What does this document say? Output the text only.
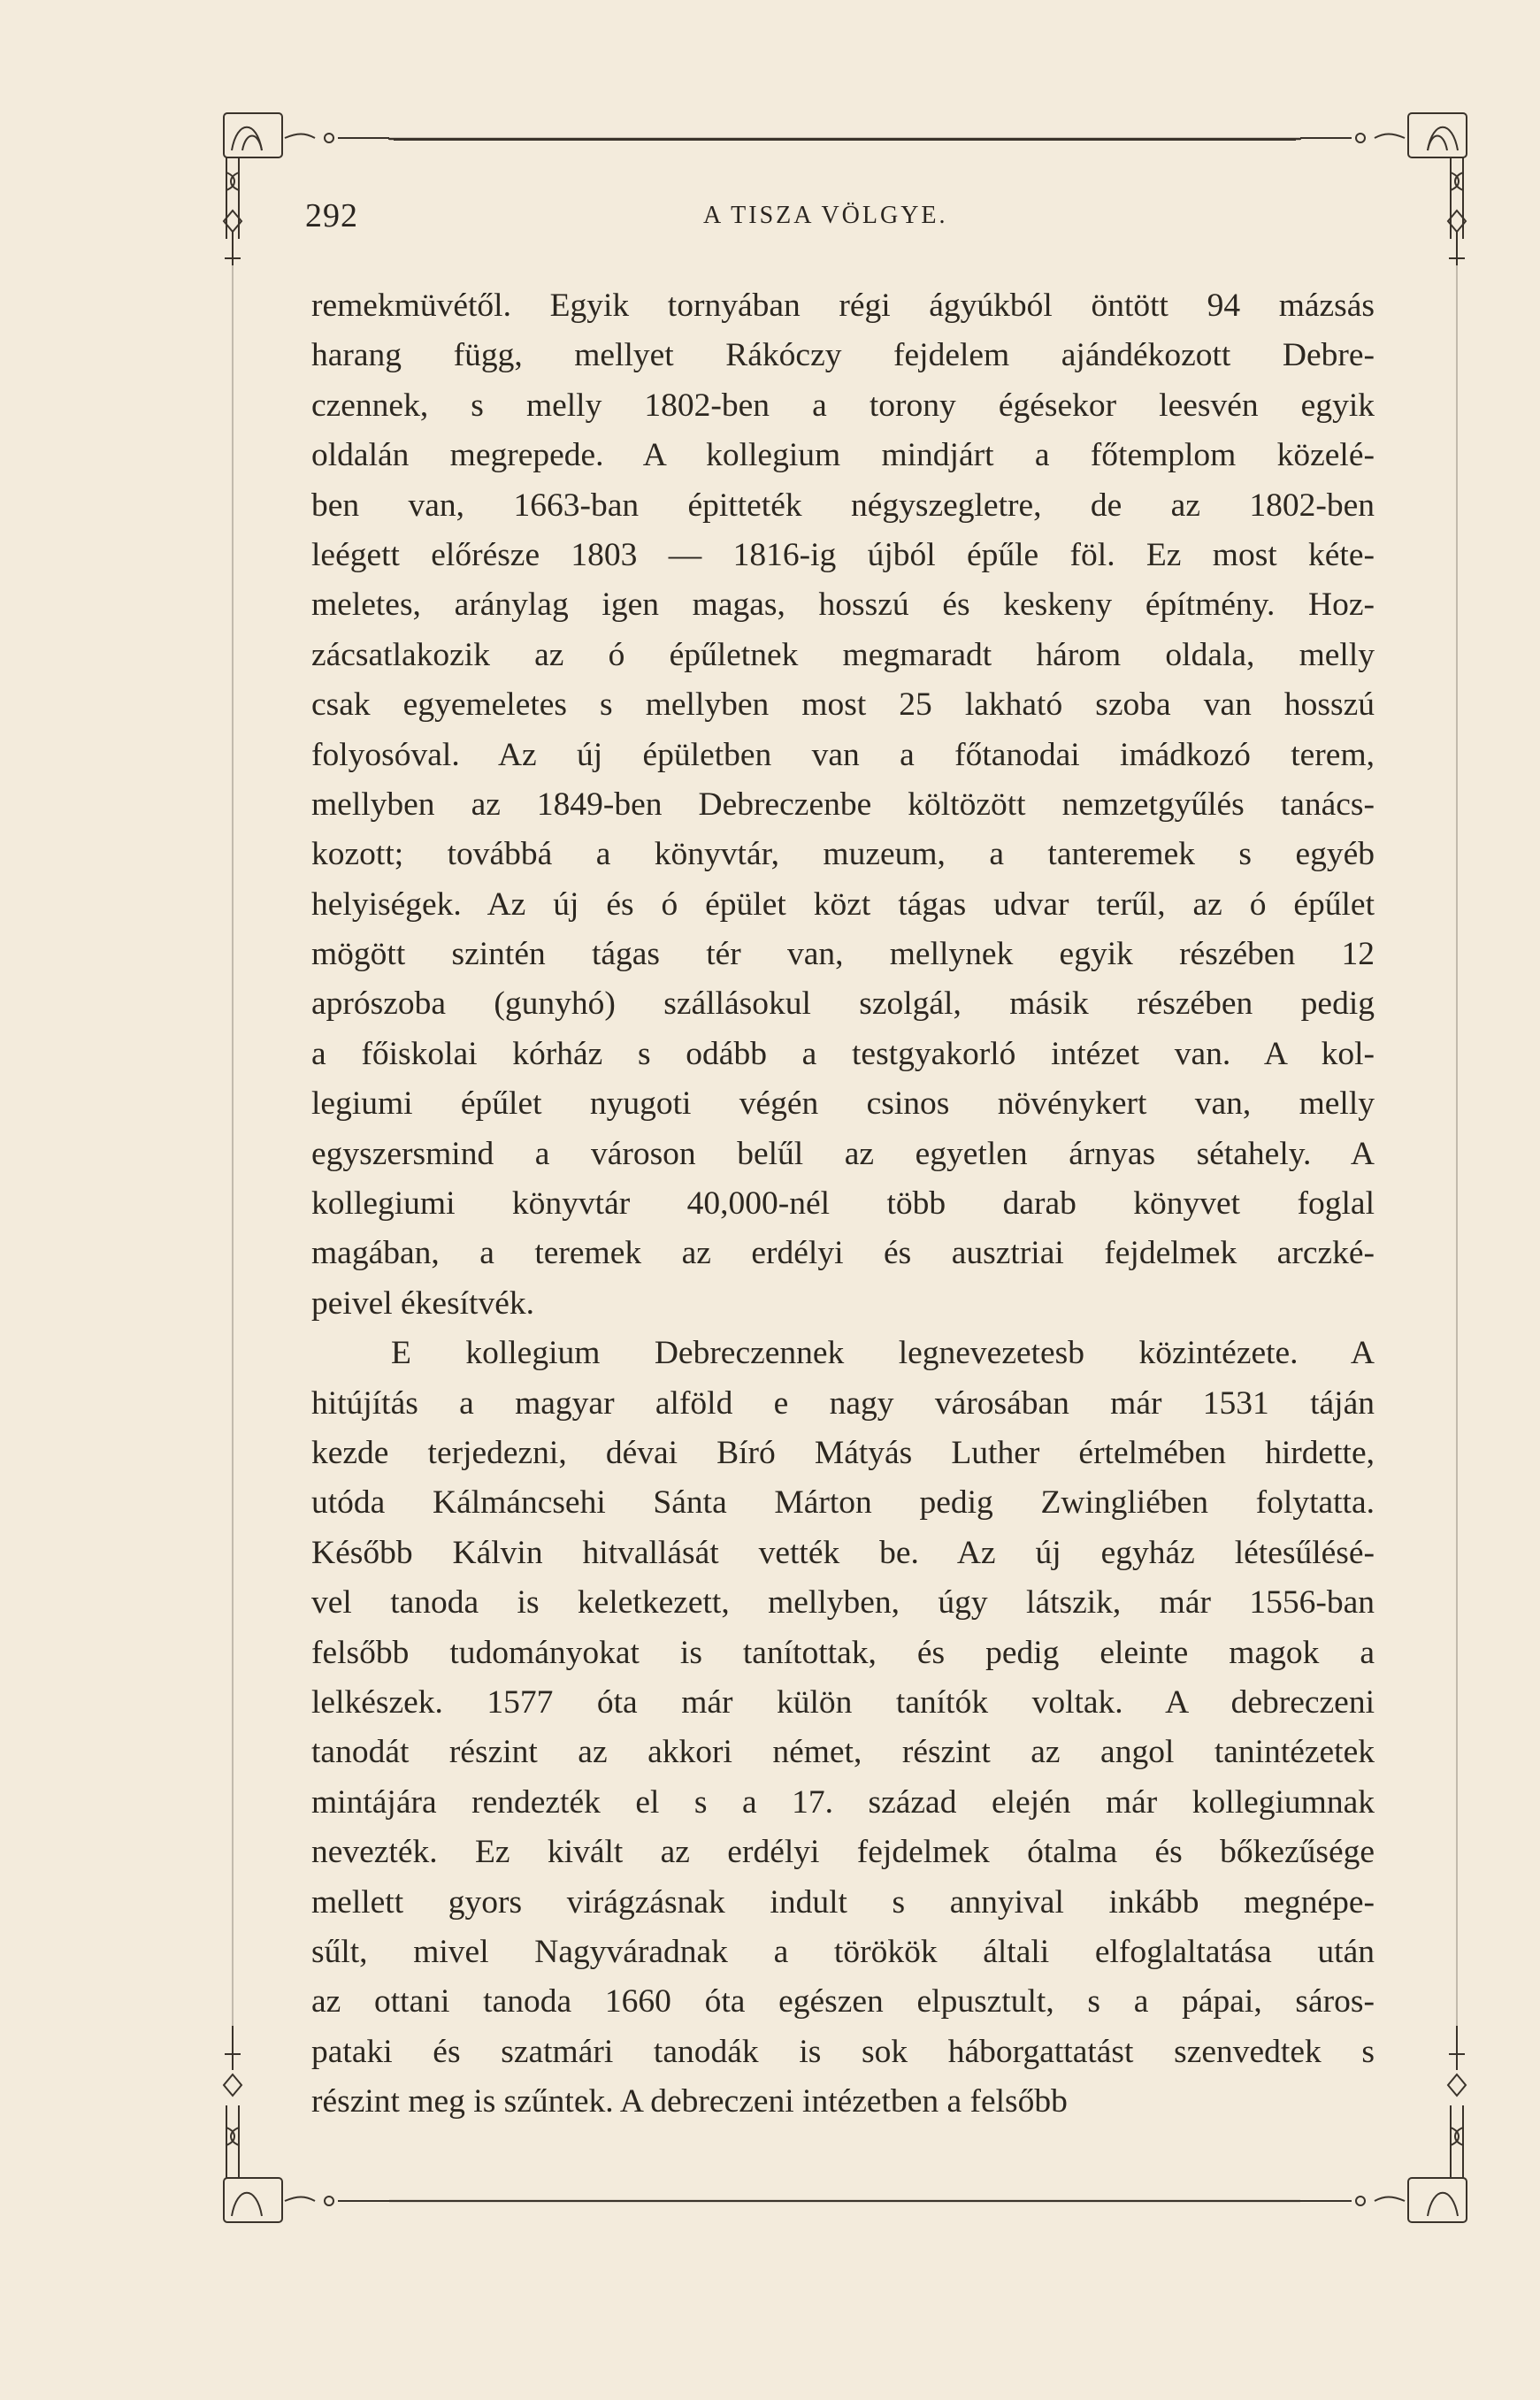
292	A TISZA VÖLGYE.
remekmüvétől. Egyik tornyában régi ágyúkból öntött 94 mázsás
harang függ, mellyet Rákóczy fejdelem ajándékozott Debre-
czennek, s melly 1802-ben a torony égésekor leesvén egyik
oldalán megrepede. A kollegium mindjárt a főtemplom közelé-
ben van, 1663-ban épitteték négyszegletre, de az 1802-ben
leégett előrésze 1803 — 1816-ig újból épűle föl. Ez most kéte-
meletes, aránylag igen magas, hosszú és keskeny építmény. Hoz-
zácsatlakozik az ó épűletnek megmaradt három oldala, melly
csak egyemeletes s mellyben most 25 lakható szoba van hosszú
folyosóval. Az új épületben van a főtanodai imádkozó terem,
mellyben az 1849-ben Debreczenbe költözött nemzetgyűlés tanács-
kozott; továbbá a könyvtár, muzeum, a tanteremek s egyéb
helyiségek. Az új és ó épület közt tágas udvar terűl, az ó épűlet
mögött szintén tágas tér van, mellynek egyik részében 12
aprószoba (gunyhó) szállásokul szolgál, másik részében pedig
a főiskolai kórház s odább a testgyakorló intézet van. A kol-
legiumi épűlet nyugoti végén csinos növénykert van, melly
egyszersmind a városon belűl az egyetlen árnyas sétahely. A
kollegiumi könyvtár 40,000-nél több darab könyvet foglal
magában, a teremek az erdélyi és ausztriai fejdelmek arczké-
peivel ékesítvék.
E kollegium Debreczennek legnevezetesb közintézete. A
hitújítás a magyar alföld e nagy városában már 1531 táján
kezde terjedezni, dévai Bíró Mátyás Luther értelmében hirdette,
utóda Kálmáncsehi Sánta Márton pedig Zwingliében folytatta.
Később Kálvin hitvallását vették be. Az új egyház létesűlésé-
vel tanoda is keletkezett, mellyben, úgy látszik, már 1556-ban
felsőbb tudományokat is tanítottak, és pedig eleinte magok a
lelkészek. 1577 óta már külön tanítók voltak. A debreczeni
tanodát részint az akkori német, részint az angol tanintézetek
mintájára rendezték el s a 17. század elején már kollegiumnak
nevezték. Ez kivált az erdélyi fejdelmek ótalma és bőkezűsége
mellett gyors virágzásnak indult s annyival inkább megnépe-
sűlt, mivel Nagyváradnak a törökök általi elfoglaltatása után
az ottani tanoda 1660 óta egészen elpusztult, s a pápai, sáros-
pataki és szatmári tanodák is sok háborgattatást szenvedtek s
részint meg is szűntek. A debreczeni intézetben a felsőbb
